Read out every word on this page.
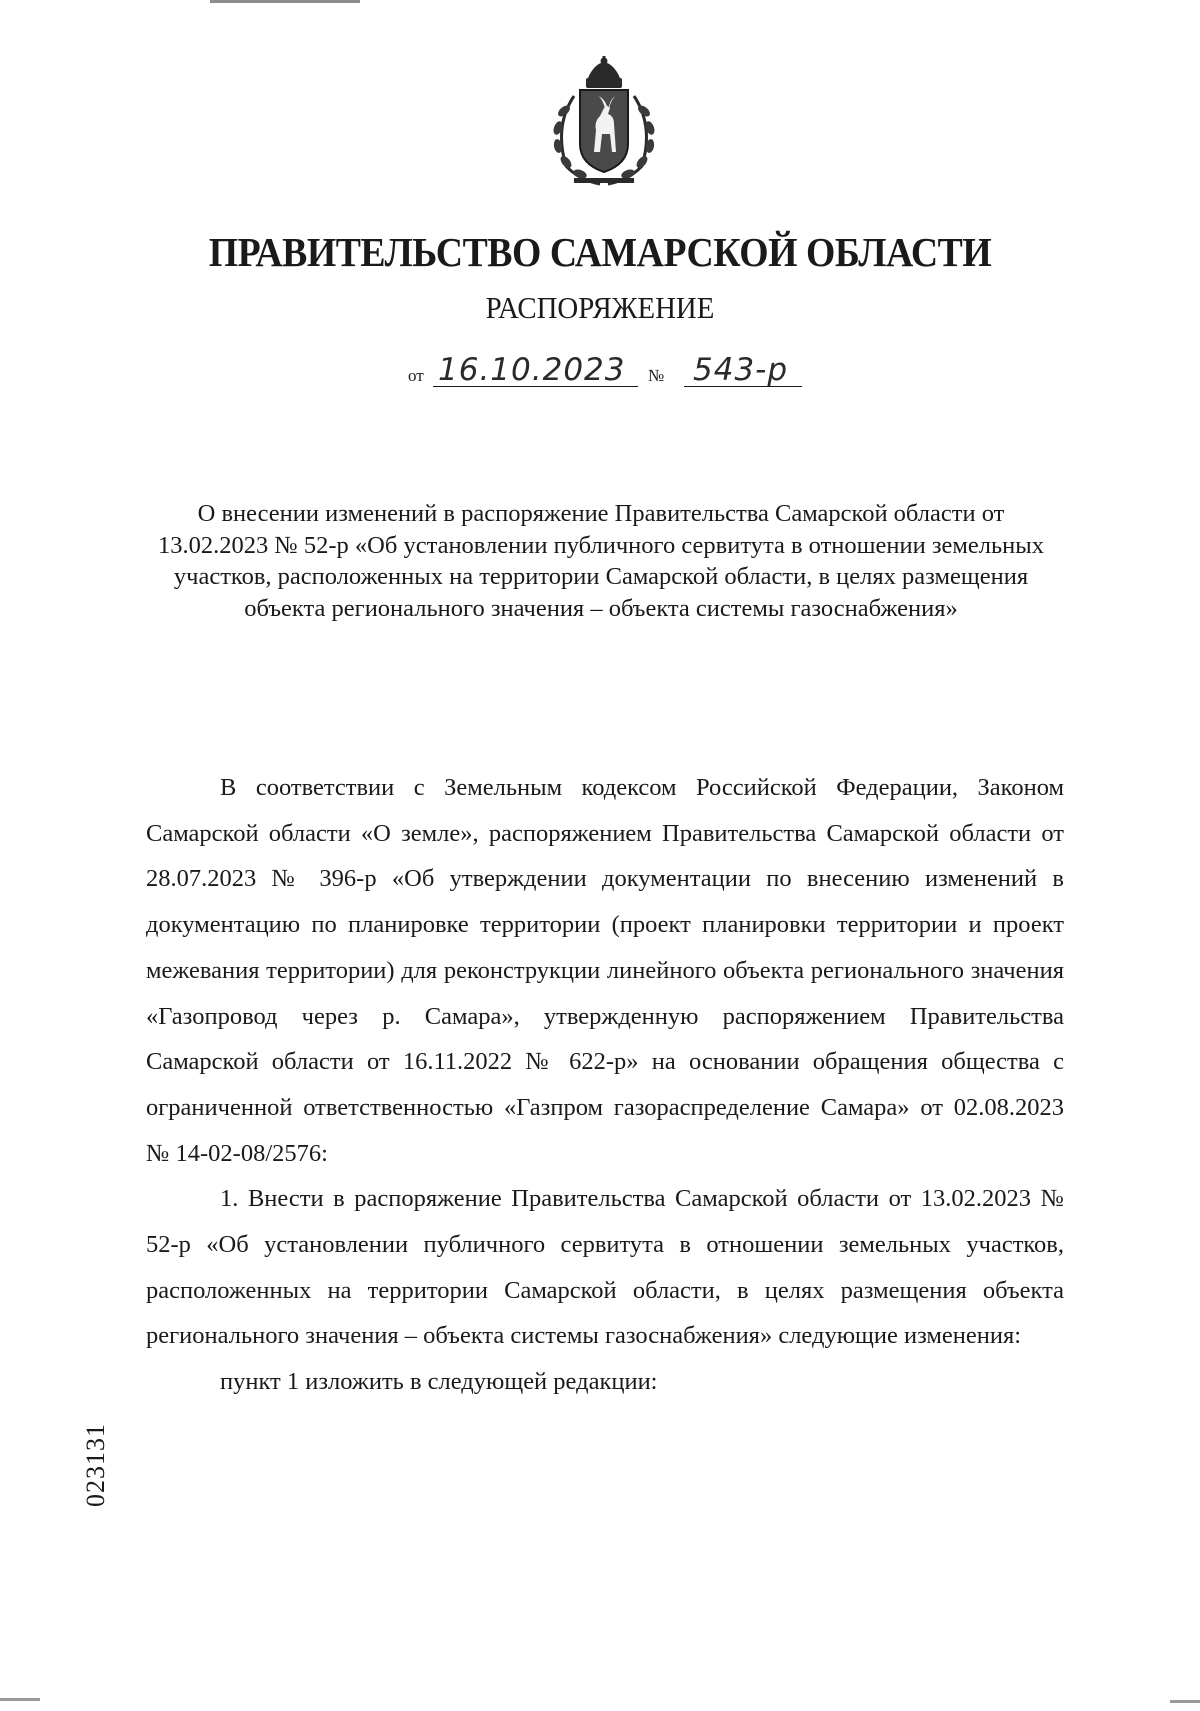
ПРАВИТЕЛЬСТВО САМАРСКОЙ ОБЛАСТИ
РАСПОРЯЖЕНИЕ
от 16.10.2023 № 543-р
О внесении изменений в распоряжение Правительства Самарской области от 13.02.2023 № 52-р «Об установлении публичного сервитута в отношении земельных участков, расположенных на территории Самарской области, в целях размещения объекта регионального значения – объекта системы газоснабжения»

В соответствии с Земельным кодексом Российской Федерации, Законом Самарской области «О земле», распоряжением Правительства Самарской области от 28.07.2023 № 396-р «Об утверждении документации по внесению изменений в документацию по планировке территории (проект планировки территории и проект межевания территории) для реконструкции линейного объекта регионального значения «Газопровод через р. Самара», утвержденную распоряжением Правительства Самарской области от 16.11.2022 № 622-р» на основании обращения общества с ограниченной ответственностью «Газпром газораспределение Самара» от 02.08.2023 № 14-02-08/2576:

1. Внести в распоряжение Правительства Самарской области от 13.02.2023 № 52-р «Об установлении публичного сервитута в отношении земельных участков, расположенных на территории Самарской области, в целях размещения объекта регионального значения – объекта системы газоснабжения» следующие изменения:

пункт 1 изложить в следующей редакции:

023131
